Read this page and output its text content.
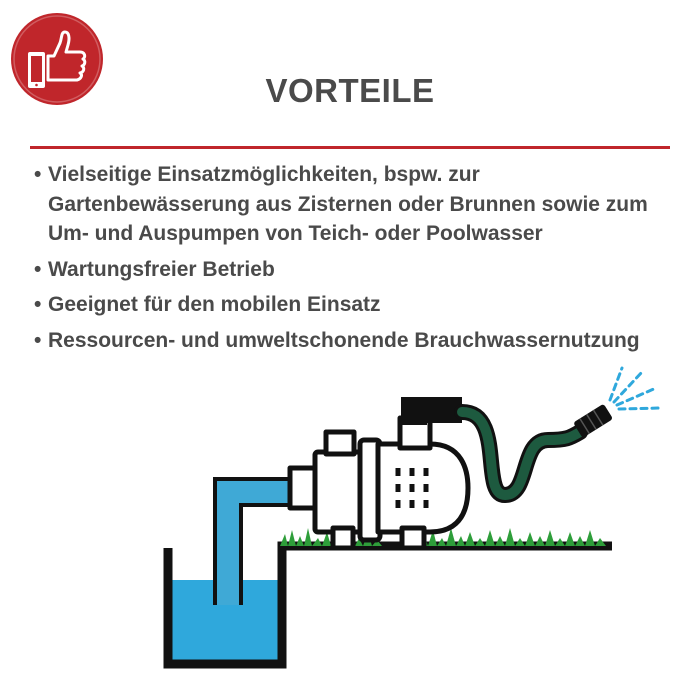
VORTEILE
• Vielseitige Einsatzmöglichkeiten, bspw. zur Gartenbewässerung aus Zisternen oder Brunnen sowie zum Um- und Auspumpen von Teich- oder Poolwasser
• Wartungsfreier Betrieb
• Geeignet für den mobilen Einsatz
• Ressourcen- und umweltschonende Brauchwassernutzung
